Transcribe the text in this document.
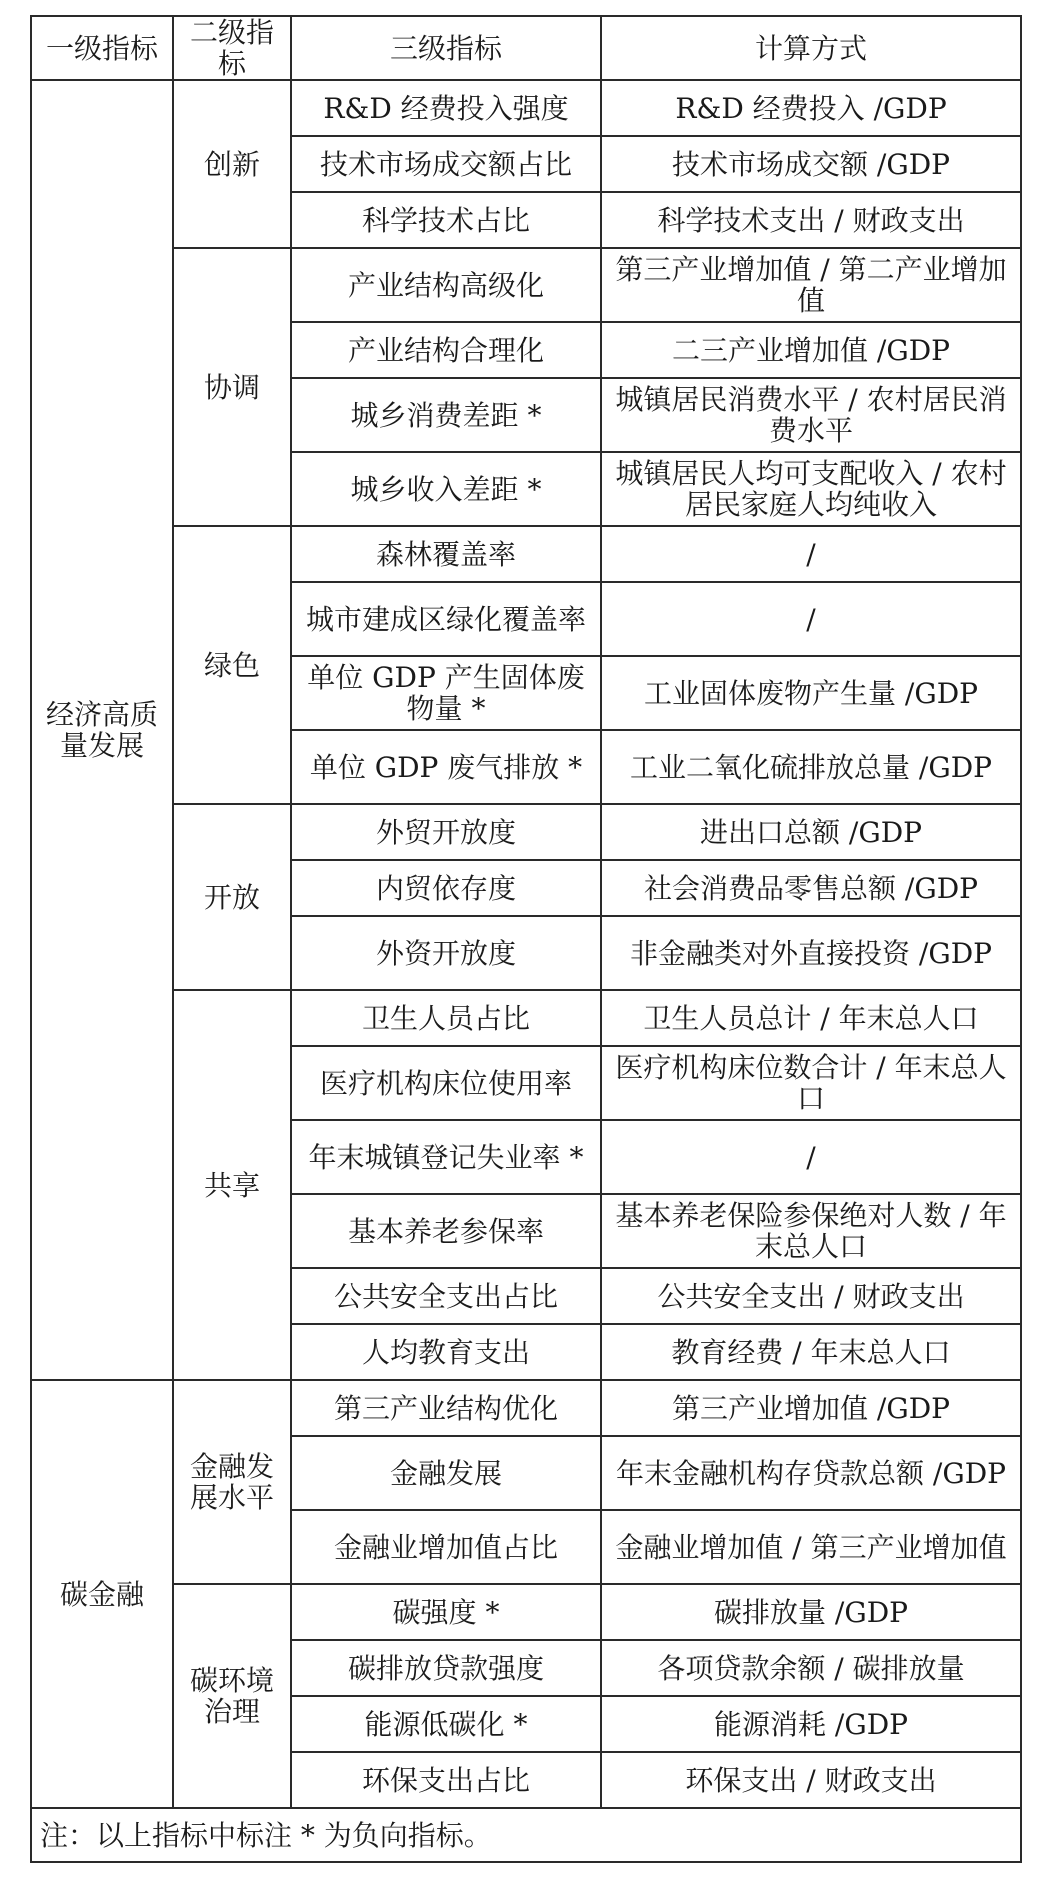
一级指标	二级指标	三级指标	计算方式
经济高质量发展	创新	R&D 经费投入强度	R&D 经费投入 /GDP
		技术市场成交额占比	技术市场成交额 /GDP
		科学技术占比	科学技术支出 / 财政支出
	协调	产业结构高级化	第三产业增加值 / 第二产业增加值
		产业结构合理化	二三产业增加值 /GDP
		城乡消费差距 *	城镇居民消费水平 / 农村居民消费水平
		城乡收入差距 *	城镇居民人均可支配收入 / 农村居民家庭人均纯收入
	绿色	森林覆盖率	/
		城市建成区绿化覆盖率	/
		单位 GDP 产生固体废物量 *	工业固体废物产生量 /GDP
		单位 GDP 废气排放 *	工业二氧化硫排放总量 /GDP
	开放	外贸开放度	进出口总额 /GDP
		内贸依存度	社会消费品零售总额 /GDP
		外资开放度	非金融类对外直接投资 /GDP
	共享	卫生人员占比	卫生人员总计 / 年末总人口
		医疗机构床位使用率	医疗机构床位数合计 / 年末总人口
		年末城镇登记失业率 *	/
		基本养老参保率	基本养老保险参保绝对人数 / 年末总人口
		公共安全支出占比	公共安全支出 / 财政支出
		人均教育支出	教育经费 / 年末总人口
碳金融	金融发展水平	第三产业结构优化	第三产业增加值 /GDP
		金融发展	年末金融机构存贷款总额 /GDP
		金融业增加值占比	金融业增加值 / 第三产业增加值
	碳环境治理	碳强度 *	碳排放量 /GDP
		碳排放贷款强度	各项贷款余额 / 碳排放量
		能源低碳化 *	能源消耗 /GDP
		环保支出占比	环保支出 / 财政支出
注：以上指标中标注 * 为负向指标。			
